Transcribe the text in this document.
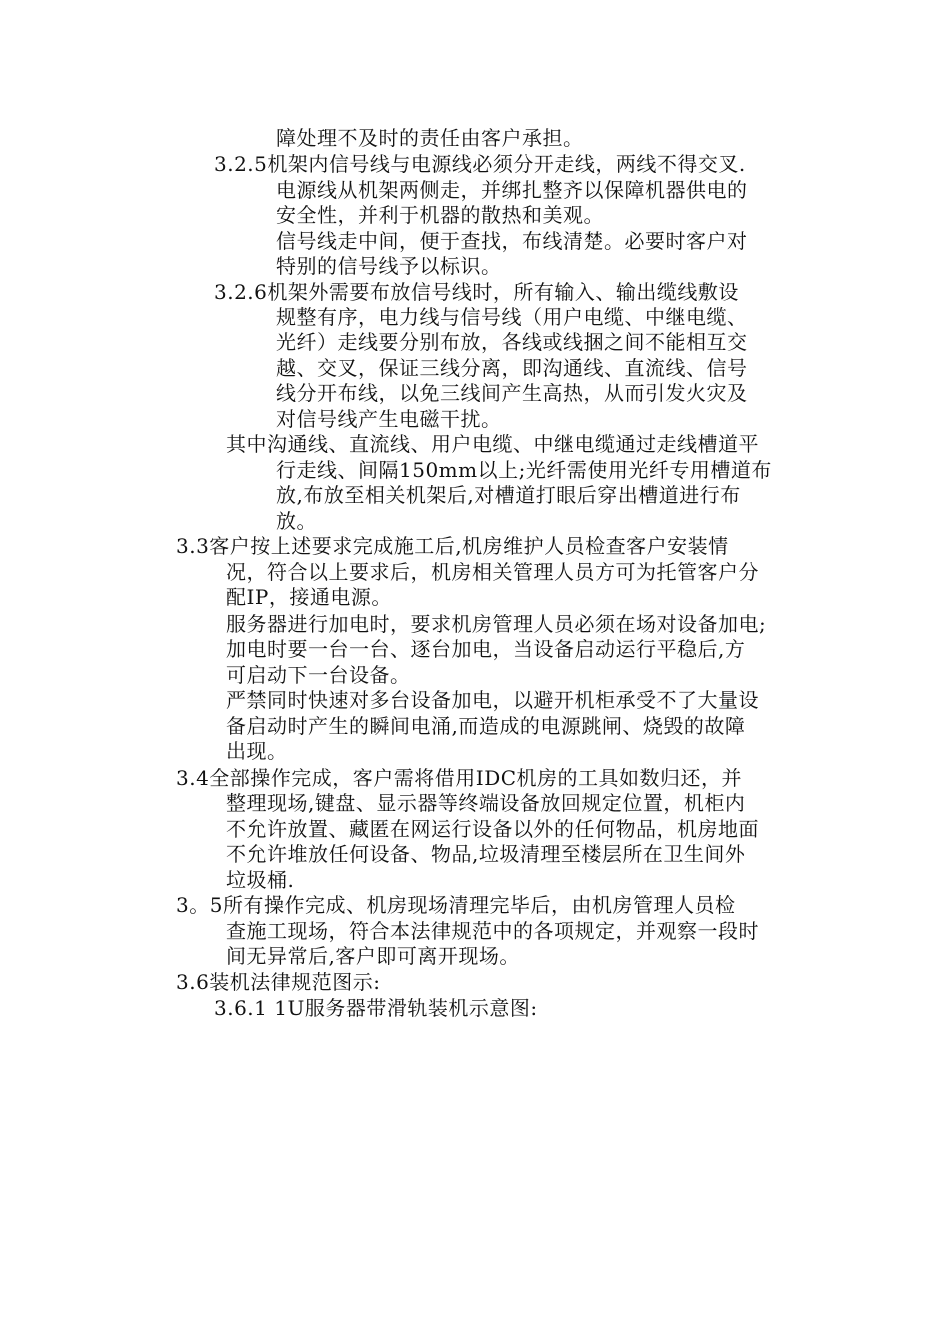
障处理不及时的责任由客户承担。
3.2.5机架内信号线与电源线必须分开走线，两线不得交叉.
电源线从机架两侧走，并绑扎整齐以保障机器供电的
安全性，并利于机器的散热和美观。
信号线走中间，便于查找，布线清楚。必要时客户对
特别的信号线予以标识。
3.2.6机架外需要布放信号线时，所有输入、输出缆线敷设
规整有序，电力线与信号线（用户电缆、中继电缆、
光纤）走线要分别布放，各线或线捆之间不能相互交
越、交叉，保证三线分离，即沟通线、直流线、信号
线分开布线，以免三线间产生高热，从而引发火灾及
对信号线产生电磁干扰。
其中沟通线、直流线、用户电缆、中继电缆通过走线槽道平
行走线、间隔150mm以上;光纤需使用光纤专用槽道布
放,布放至相关机架后,对槽道打眼后穿出槽道进行布
放。
3.3客户按上述要求完成施工后,机房维护人员检查客户安装情
况，符合以上要求后，机房相关管理人员方可为托管客户分
配IP，接通电源。
服务器进行加电时，要求机房管理人员必须在场对设备加电;
加电时要一台一台、逐台加电，当设备启动运行平稳后,方
可启动下一台设备。
严禁同时快速对多台设备加电，以避开机柜承受不了大量设
备启动时产生的瞬间电涌,而造成的电源跳闸、烧毁的故障
出现。
3.4全部操作完成，客户需将借用IDC机房的工具如数归还，并
整理现场,键盘、显示器等终端设备放回规定位置，机柜内
不允许放置、藏匿在网运行设备以外的任何物品，机房地面
不允许堆放任何设备、物品,垃圾清理至楼层所在卫生间外
垃圾桶.
3。5所有操作完成、机房现场清理完毕后，由机房管理人员检
查施工现场，符合本法律规范中的各项规定，并观察一段时
间无异常后,客户即可离开现场。
3.6装机法律规范图示:
3.6.1 1U服务器带滑轨装机示意图:
